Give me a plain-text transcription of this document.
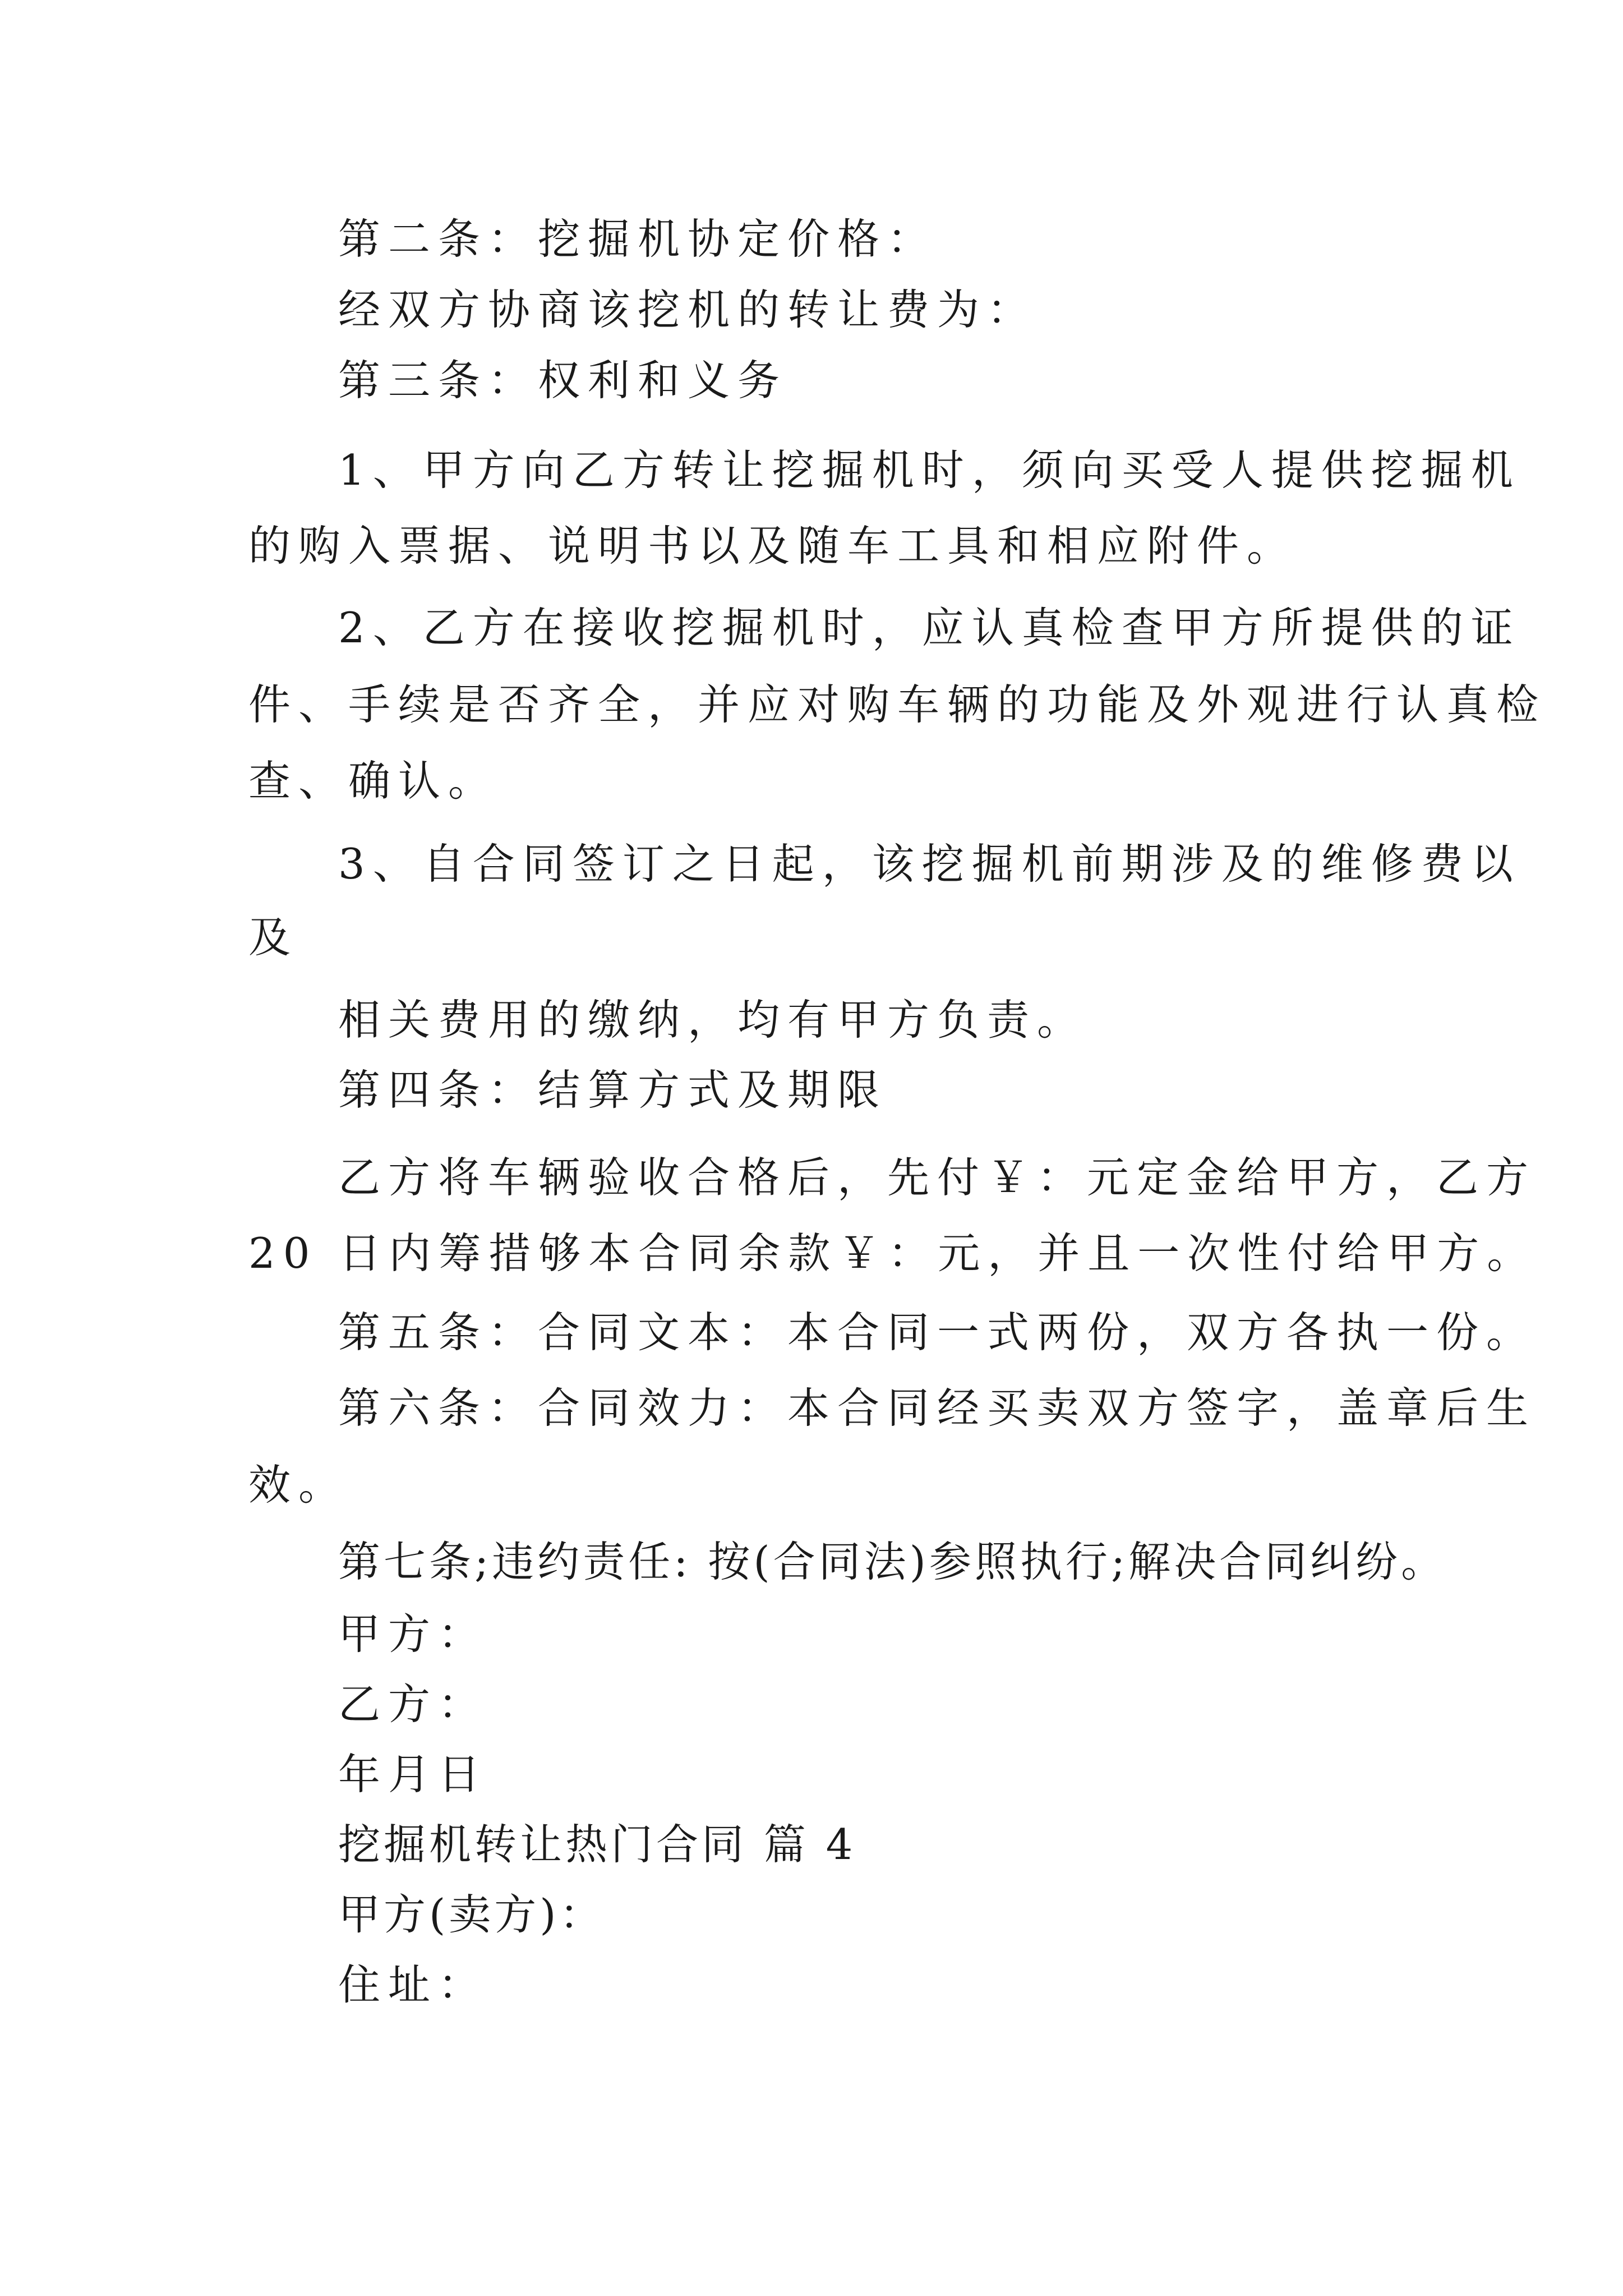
第二条：挖掘机协定价格：
经双方协商该挖机的转让费为：
第三条：权利和义务
1、甲方向乙方转让挖掘机时，须向买受人提供挖掘机
的购入票据、说明书以及随车工具和相应附件。
2、乙方在接收挖掘机时，应认真检查甲方所提供的证
件、手续是否齐全，并应对购车辆的功能及外观进行认真检
查、确认。
3、自合同签订之日起，该挖掘机前期涉及的维修费以
及
相关费用的缴纳，均有甲方负责。
第四条：结算方式及期限
乙方将车辆验收合格后，先付￥：元定金给甲方，乙方
20 日内筹措够本合同余款￥：元，并且一次性付给甲方。
第五条：合同文本：本合同一式两份，双方各执一份。
第六条：合同效力：本合同经买卖双方签字，盖章后生
效。
第七条;违约责任: 按(合同法)参照执行;解决合同纠纷。
甲方：
乙方：
年月日
挖掘机转让热门合同 篇 4
甲方(卖方)：
住址：
